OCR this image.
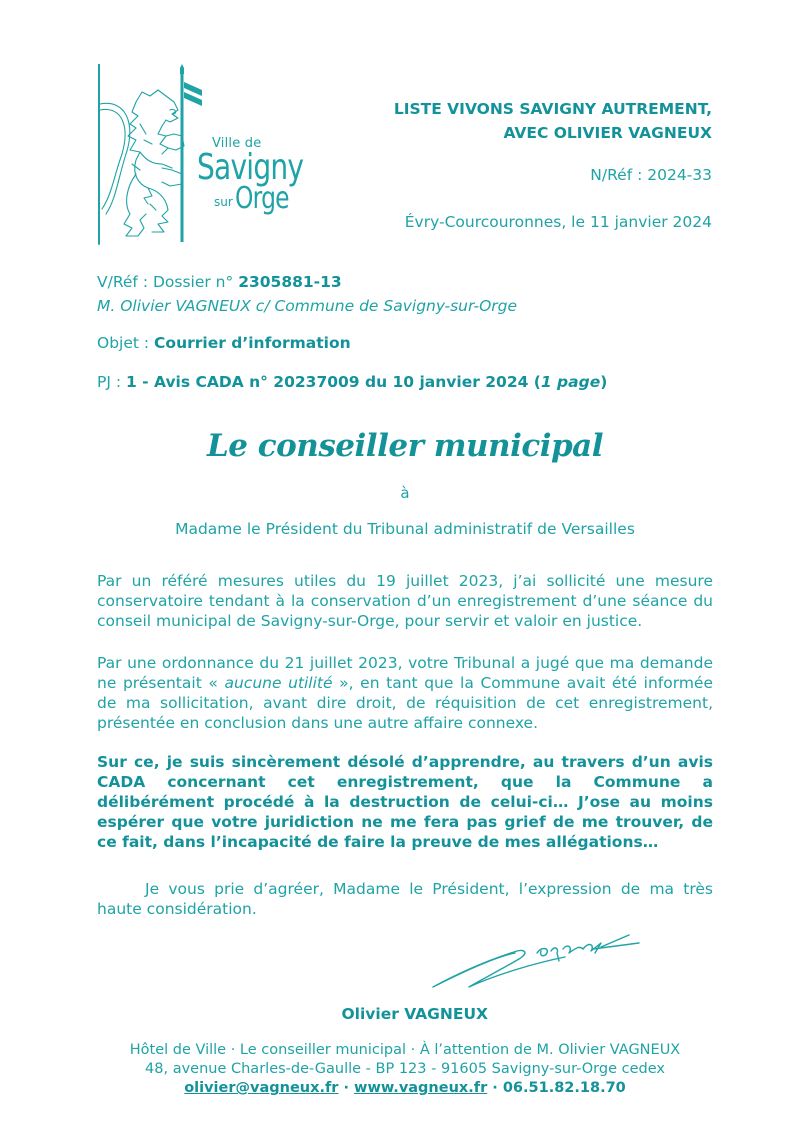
Ville de
Savigny
sur Orge
LISTE VIVONS SAVIGNY AUTREMENT,
AVEC OLIVIER VAGNEUX
N/Réf : 2024-33
Évry-Courcouronnes, le 11 janvier 2024
V/Réf : Dossier n° 2305881-13
M. Olivier VAGNEUX c/ Commune de Savigny-sur-Orge
Objet : Courrier d’information
PJ : 1 - Avis CADA n° 20237009 du 10 janvier 2024 (1 page)
Le conseiller municipal
à
Madame le Président du Tribunal administratif de Versailles
Par un référé mesures utiles du 19 juillet 2023, j’ai sollicité une mesure conservatoire tendant à la conservation d’un enregistrement d’une séance du conseil municipal de Savigny-sur-Orge, pour servir et valoir en justice.
Par une ordonnance du 21 juillet 2023, votre Tribunal a jugé que ma demande ne présentait « aucune utilité », en tant que la Commune avait été informée de ma sollicitation, avant dire droit, de réquisition de cet enregistrement, présentée en conclusion dans une autre affaire connexe.
Sur ce, je suis sincèrement désolé d’apprendre, au travers d’un avis CADA concernant cet enregistrement, que la Commune a délibérément procédé à la destruction de celui-ci… J’ose au moins espérer que votre juridiction ne me fera pas grief de me trouver, de ce fait, dans l’incapacité de faire la preuve de mes allégations…
Je vous prie d’agréer, Madame le Président, l’expression de ma très haute considération.
Olivier VAGNEUX
Hôtel de Ville · Le conseiller municipal · À l’attention de M. Olivier VAGNEUX
48, avenue Charles-de-Gaulle - BP 123 - 91605 Savigny-sur-Orge cedex
olivier@vagneux.fr · www.vagneux.fr · 06.51.82.18.70
